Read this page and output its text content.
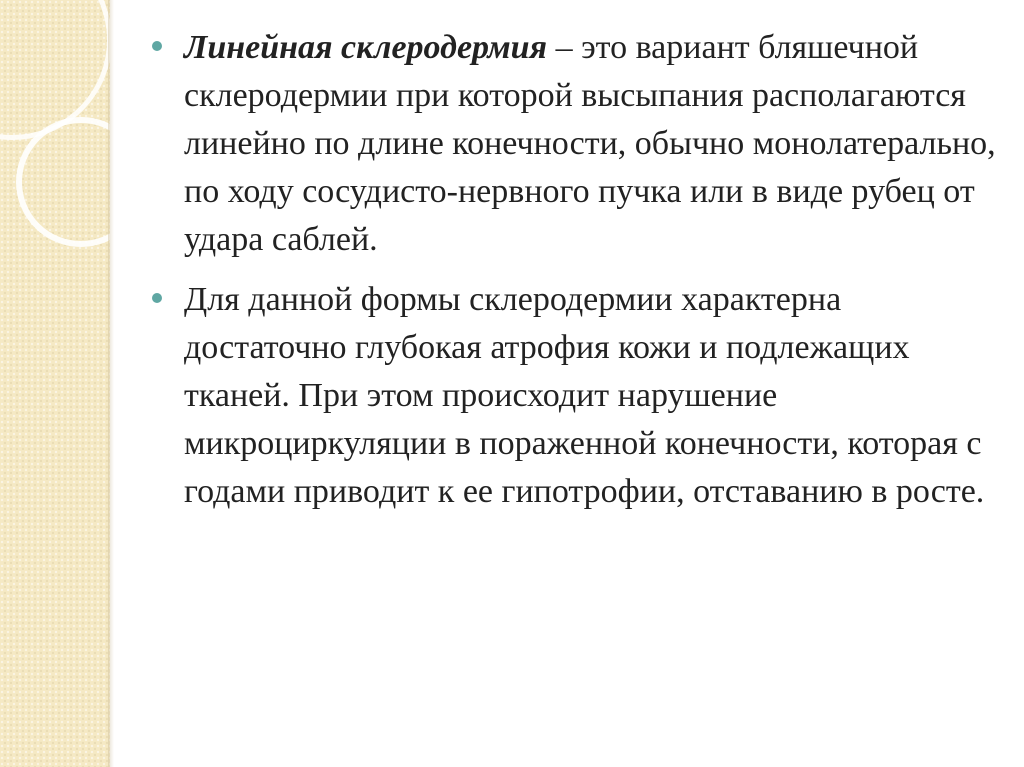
Линейная склеродермия – это вариант бляшечной склеродермии при которой высыпания располагаются линейно по длине конечности, обычно монолатерально, по ходу сосудисто-нервного пучка или в виде рубец от удара саблей.
Для данной формы склеродермии характерна достаточно глубокая атрофия кожи и подлежащих тканей. При этом происходит нарушение микроциркуляции в пораженной конечности, которая с годами приводит к ее гипотрофии, отставанию в росте.
